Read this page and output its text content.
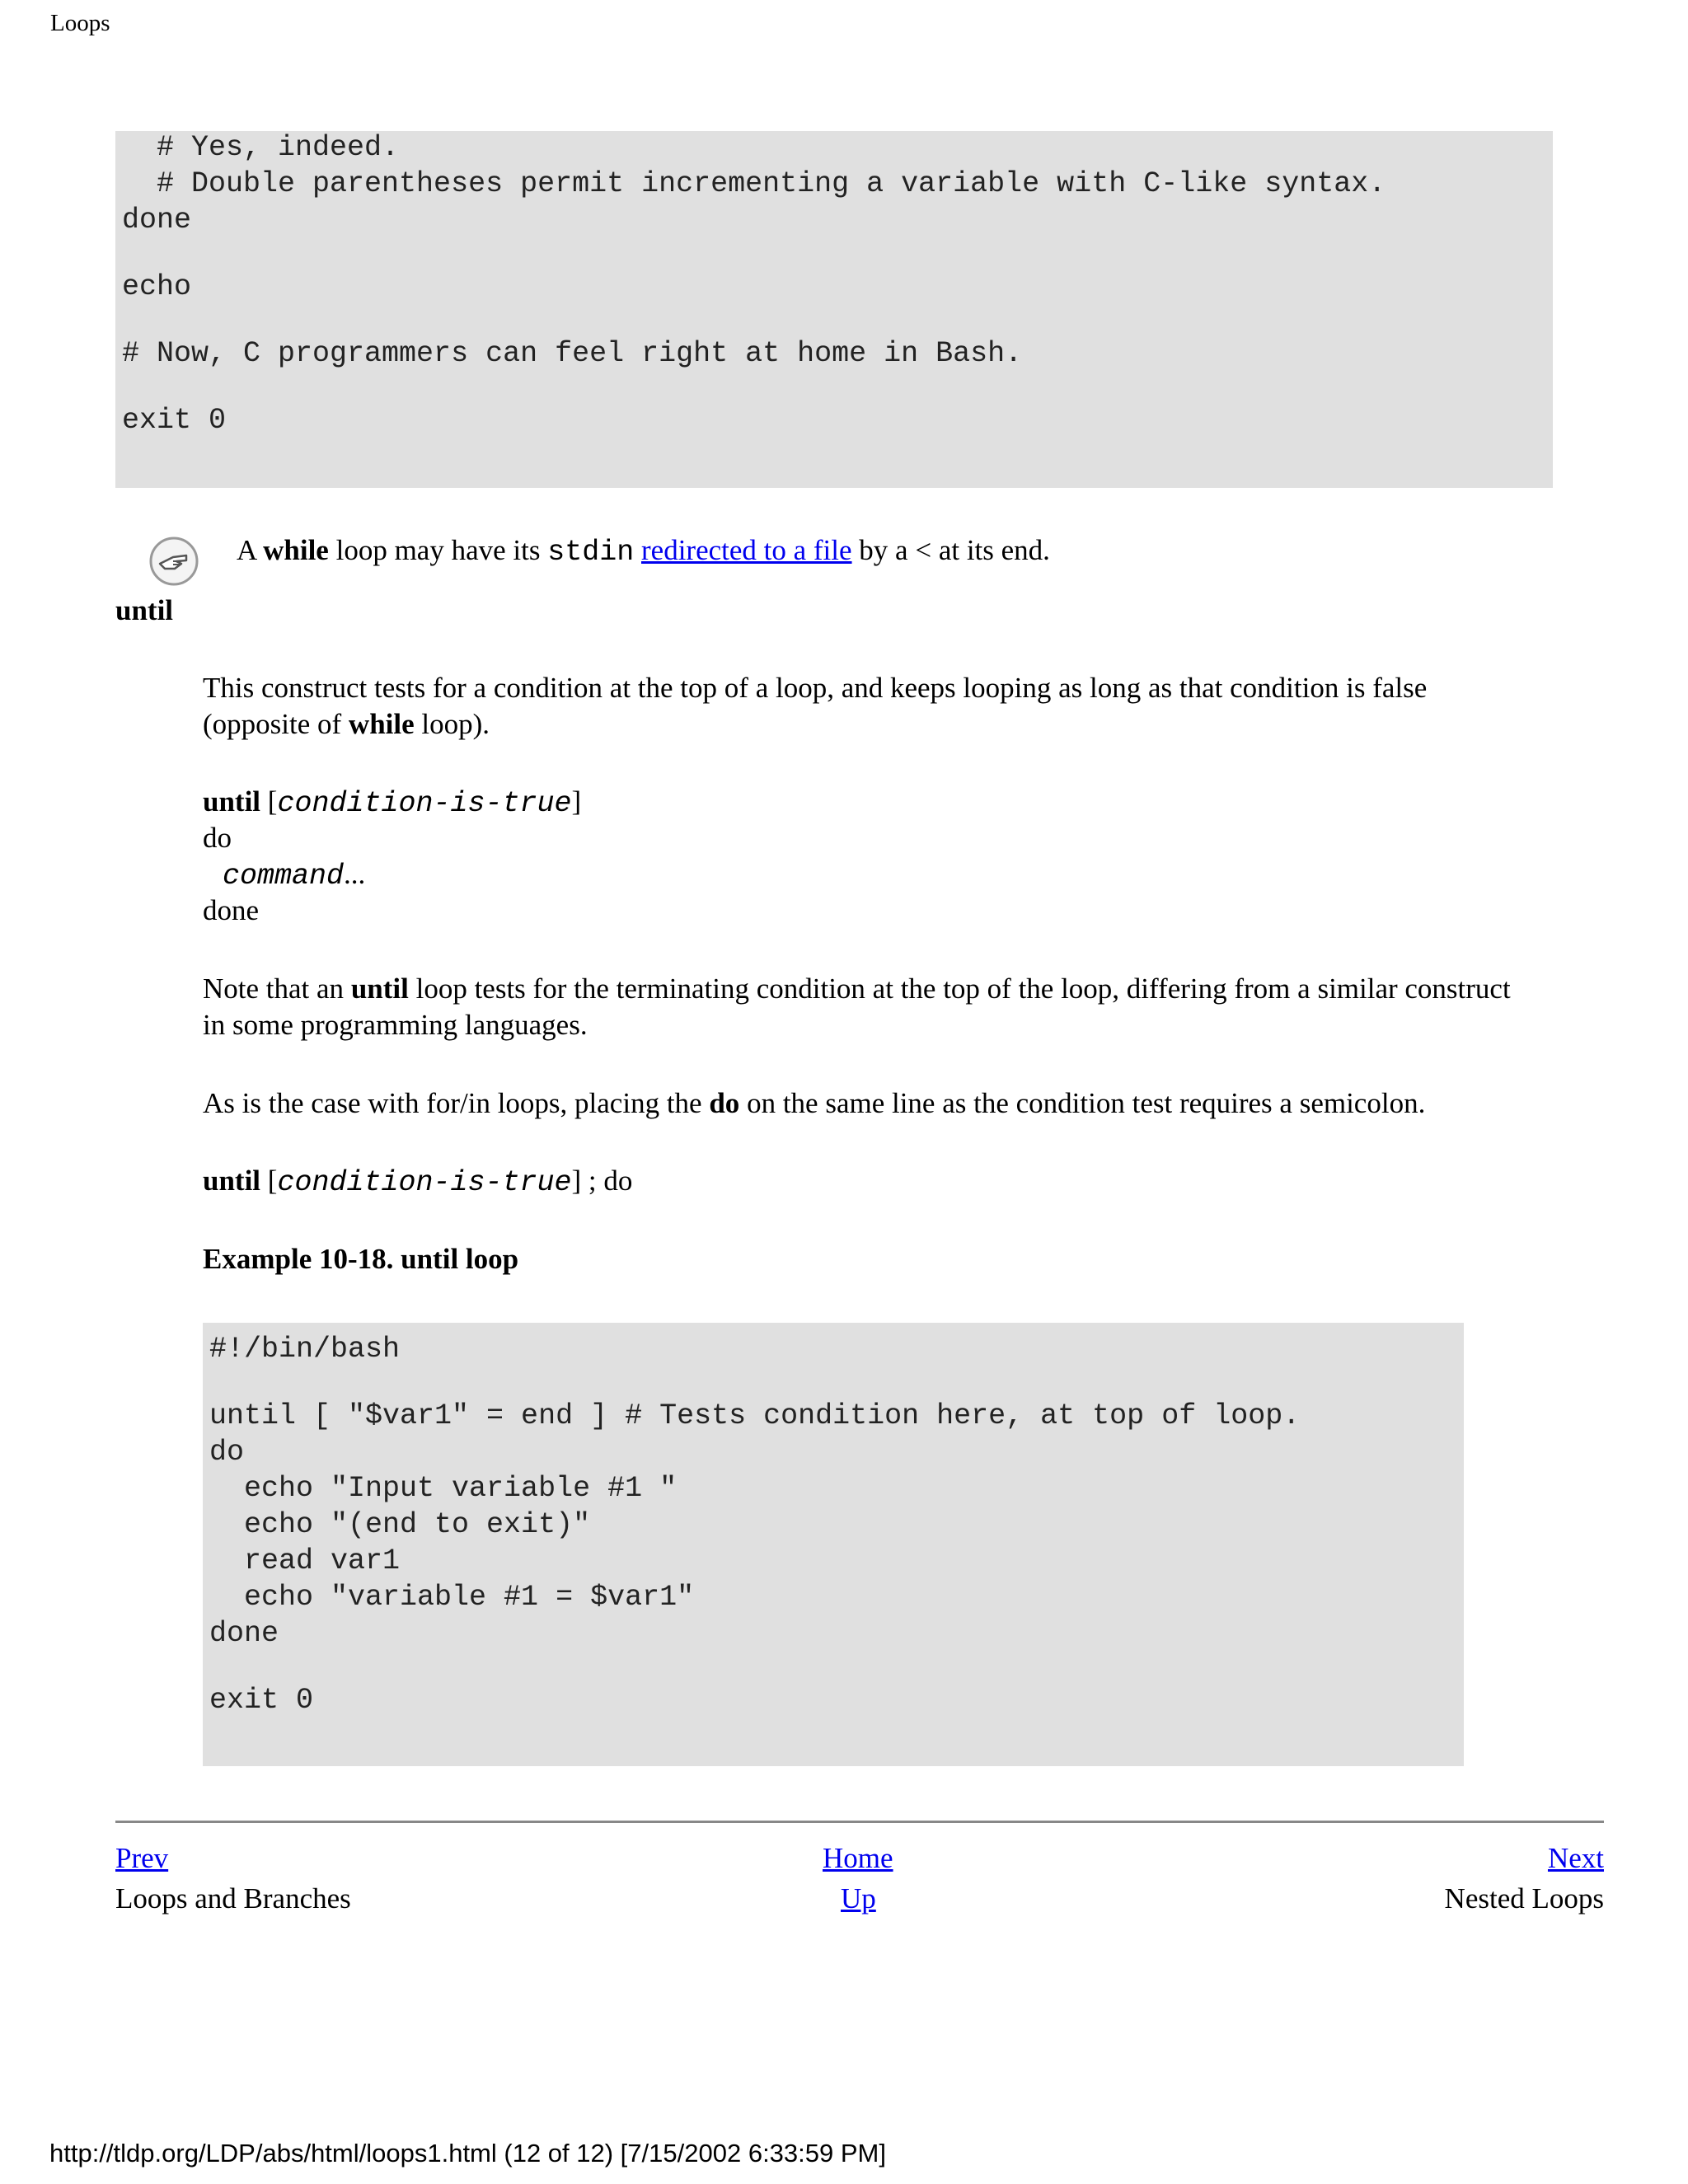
Loops

# Yes, indeed.

# Double parentheses permit incrementing a variable with C-like syntax.

done

echo

# Now, C programmers can feel right at home in Bash.

exit 0

A while loop may have its stdin redirected to a file by a < at its end.
until
This construct tests for a condition at the top of a loop, and keeps looping as long as that condition is false
(opposite of while loop).
until [condition-is-true]
do
command...
done
Note that an until loop tests for the terminating condition at the top of the loop, differing from a similar construct
in some programming languages.
As is the case with for/in loops, placing the do on the same line as the condition test requires a semicolon.
until [condition-is-true] ; do
Example 10-18. until loop

#!/bin/bash

until [ "$var1" = end ] # Tests condition here, at top of loop.

do

echo "Input variable #1 "

echo "(end to exit)"

read var1

echo "variable #1 = $var1"

done

exit 0

Prev	Home	Next
Loops and Branches	Up	Nested Loops
http://tldp.org/LDP/abs/html/loops1.html (12 of 12) [7/15/2002 6:33:59 PM]
